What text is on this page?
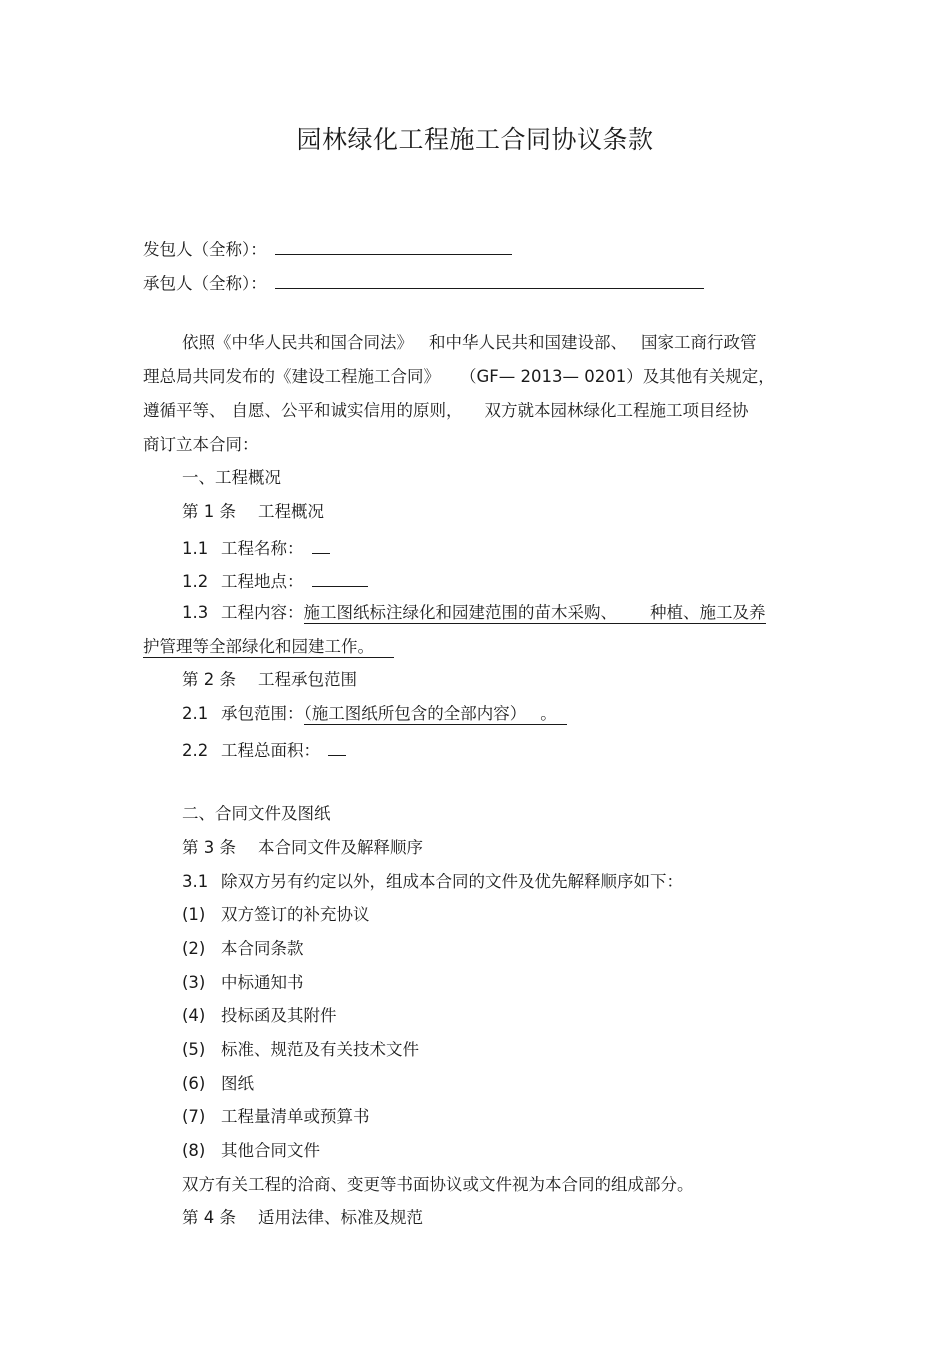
园林绿化工程施工合同协议条款
发包人（全称）：
承包人（全称）：
依照《中华人民共和国合同法》 和中华人民共和国建设部、 国家工商行政管
理总局共同发布的《建设工程施工合同》 （GF— 2013— 0201）及其他有关规定，
遵循平等、 自愿、公平和诚实信用的原则， 双方就本园林绿化工程施工项目经协
商订立本合同：
一、工程概况
第 1 条 工程概况
1.1 工程名称：
1.2 工程地点：
1.3 工程内容：施工图纸标注绿化和园建范围的苗木采购、 种植、施工及养
护管理等全部绿化和园建工作。
第 2 条 工程承包范围
2.1 承包范围：（施工图纸所包含的全部内容） 。
2.2 工程总面积：
二、合同文件及图纸
第 3 条 本合同文件及解释顺序
3.1 除双方另有约定以外，组成本合同的文件及优先解释顺序如下：
(1) 双方签订的补充协议
(2) 本合同条款
(3) 中标通知书
(4) 投标函及其附件
(5) 标准、规范及有关技术文件
(6) 图纸
(7) 工程量清单或预算书
(8) 其他合同文件
双方有关工程的洽商、变更等书面协议或文件视为本合同的组成部分。
第 4 条 适用法律、标准及规范
